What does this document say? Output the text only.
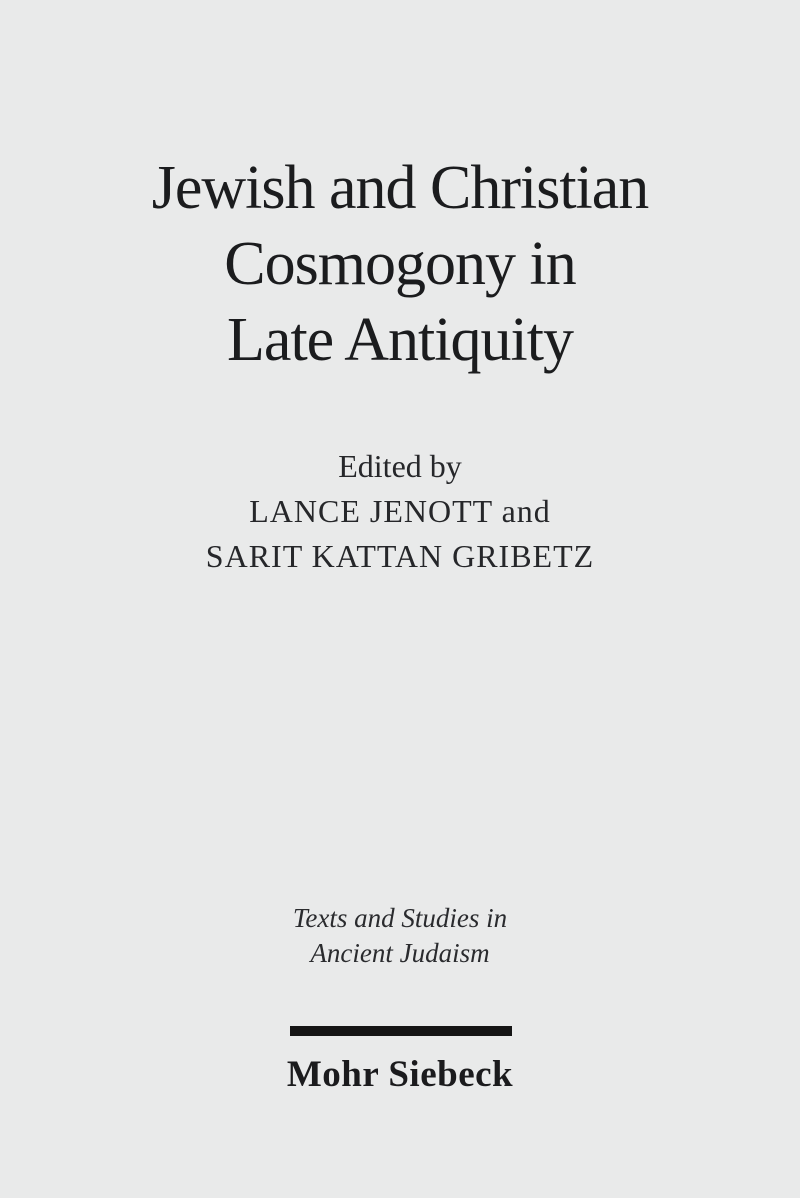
Jewish and Christian
Cosmogony in
Late Antiquity
Edited by
LANCE JENOTT and
SARIT KATTAN GRIBETZ
Texts and Studies in
Ancient Judaism
Mohr Siebeck
